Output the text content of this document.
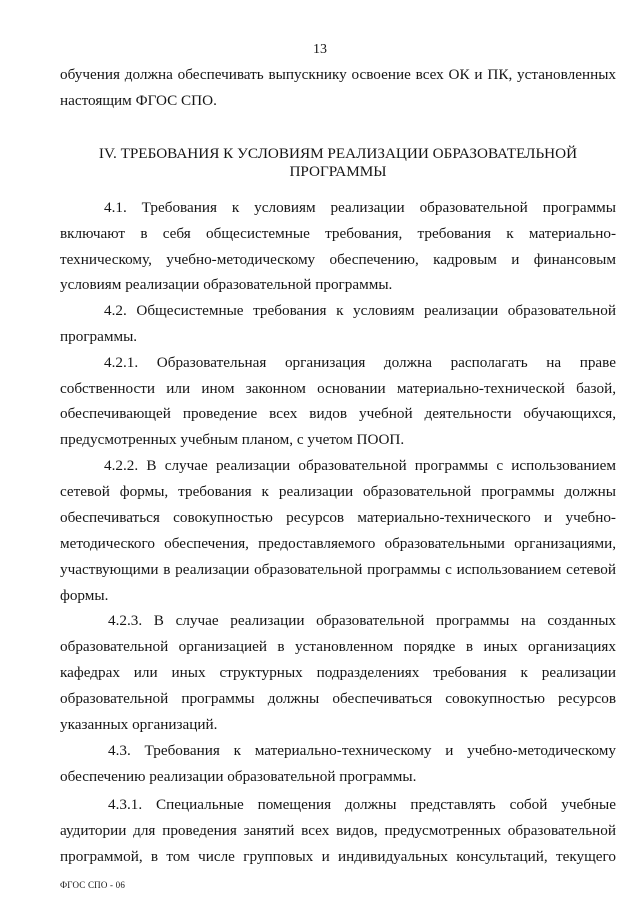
13
обучения должна обеспечивать выпускнику освоение всех ОК и ПК, установленных
настоящим ФГОС СПО.
IV. ТРЕБОВАНИЯ К УСЛОВИЯМ РЕАЛИЗАЦИИ ОБРАЗОВАТЕЛЬНОЙ
ПРОГРАММЫ
4.1. Требования к условиям реализации образовательной программы
включают в себя общесистемные требования, требования к материально-
техническому, учебно-методическому обеспечению, кадровым и финансовым
условиям реализации образовательной программы.
4.2. Общесистемные требования к условиям реализации образовательной
программы.
4.2.1. Образовательная организация должна располагать на праве
собственности или ином законном основании материально-технической базой,
обеспечивающей проведение всех видов учебной деятельности обучающихся,
предусмотренных учебным планом, с учетом ПООП.
4.2.2. В случае реализации образовательной программы с использованием
сетевой формы, требования к реализации образовательной программы должны
обеспечиваться совокупностью ресурсов материально-технического и учебно-
методического обеспечения, предоставляемого образовательными организациями,
участвующими в реализации образовательной программы с использованием сетевой
формы.
4.2.3. В случае реализации образовательной программы на созданных
образовательной организацией в установленном порядке в иных организациях
кафедрах или иных структурных подразделениях требования к реализации
образовательной программы должны обеспечиваться совокупностью ресурсов
указанных организаций.
4.3. Требования к материально-техническому и учебно-методическому
обеспечению реализации образовательной программы.
4.3.1. Специальные помещения должны представлять собой учебные
аудитории для проведения занятий всех видов, предусмотренных образовательной
программой, в том числе групповых и индивидуальных консультаций, текущего
ФГОС СПО - 06
